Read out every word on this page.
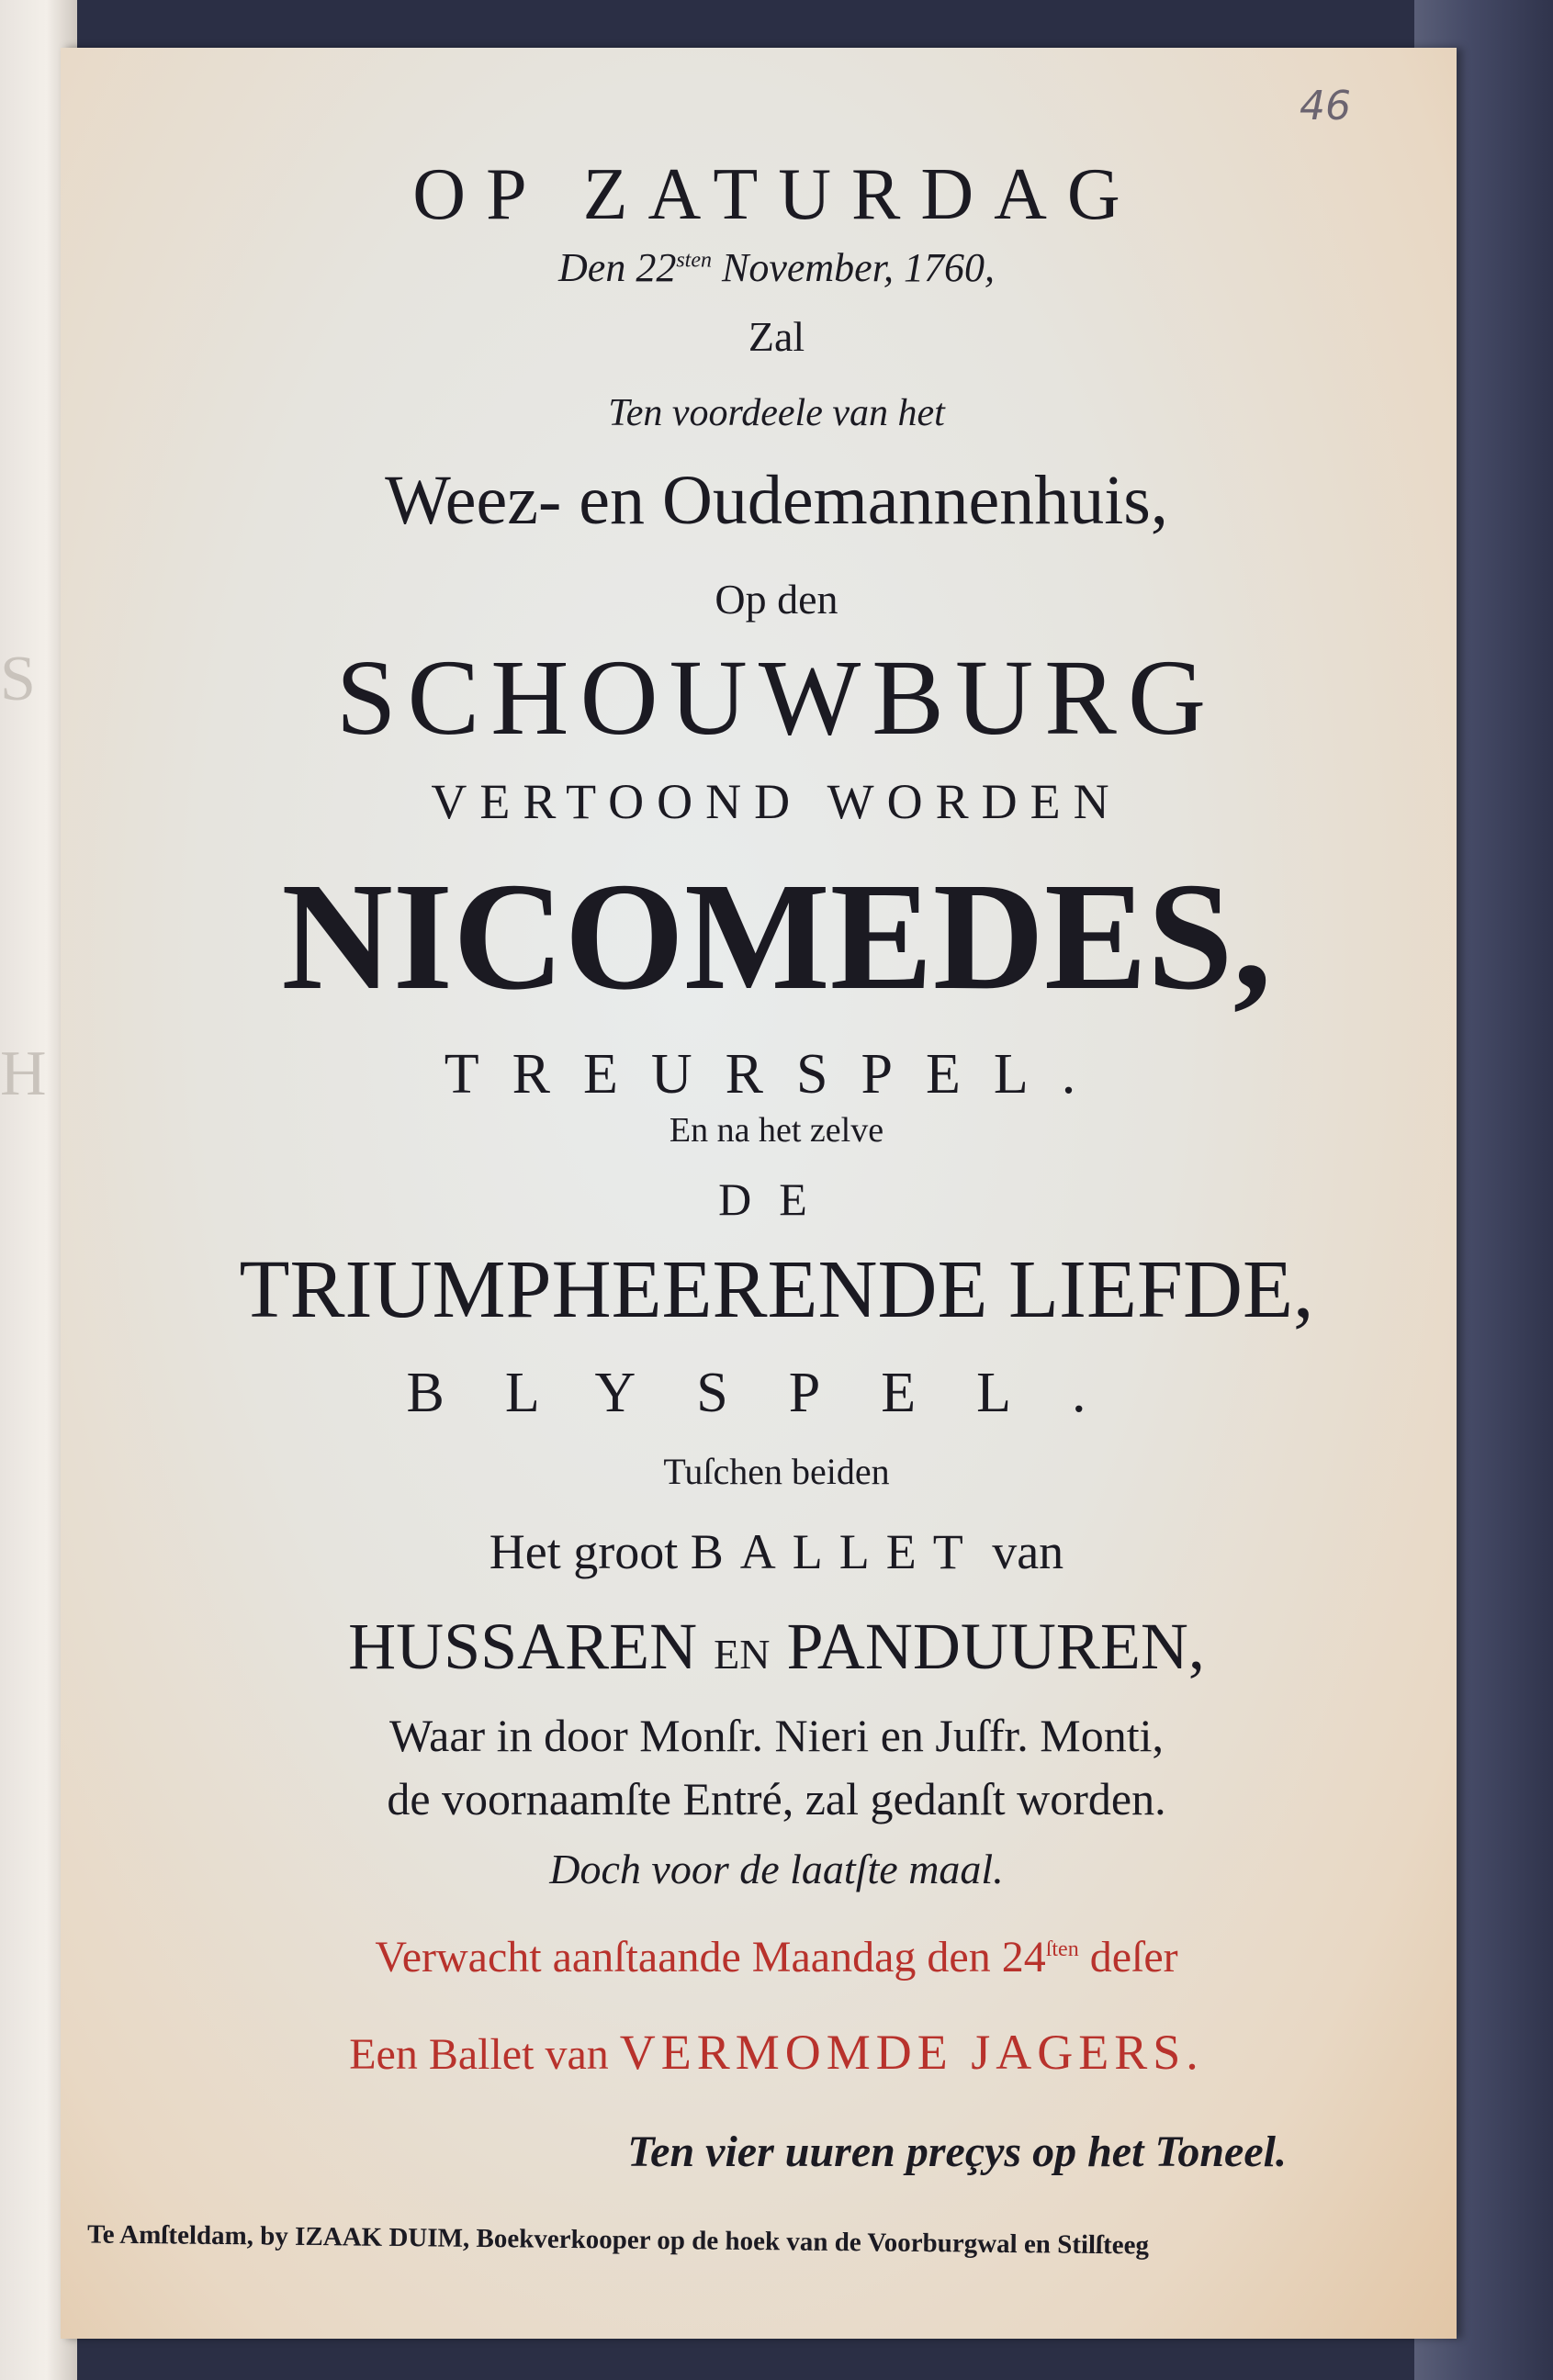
S
H
46
OP ZATURDAG
Den $22^{sten}$ November, 1760,
Zal
Ten voordeele van het
Weez- en Oudemannenhuis,
Op den
SCHOUWBURG
VERTOOND WORDEN
NICOMEDES,
TREURSPEL.
En na het zelve
DE
TRIUMPHEERENDE LIEFDE,
BLYSPEL.
Tuſchen beiden
Het groot BALLET van
HUSSAREN EN PANDUUREN,
Waar in door Monſr. Nieri en Juſfr. Monti,
de voornaamſte Entré, zal gedanſt worden.
Doch voor de laatſte maal.
Verwacht aanſtaande Maandag den $24^{ſten}$ deſer
Een Ballet van VERMOMDE JAGERS.
Ten vier uuren preçys op het Toneel.
Te Amſteldam, by IZAAK DUIM, Boekverkooper op de hoek van de Voorburgwal en Stilſteeg
